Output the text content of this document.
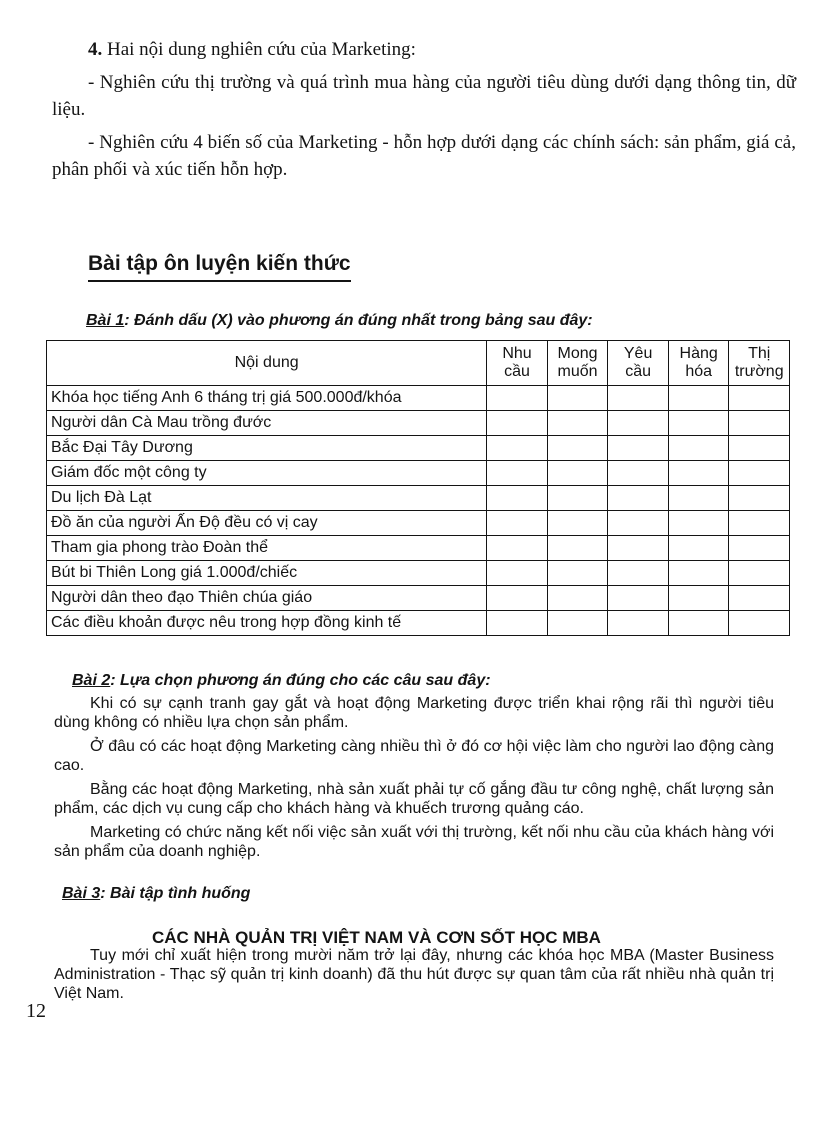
4. Hai nội dung nghiên cứu của Marketing:

- Nghiên cứu thị trường và quá trình mua hàng của người tiêu dùng dưới dạng thông tin, dữ liệu.

- Nghiên cứu 4 biến số của Marketing - hỗn hợp dưới dạng các chính sách: sản phẩm, giá cả, phân phối và xúc tiến hỗn hợp.

Bài tập ôn luyện kiến thức
Bài 1: Đánh dấu (X) vào phương án đúng nhất trong bảng sau đây:
Nội dung	Nhu cầu	Mong muốn	Yêu cầu	Hàng hóa	Thị trường
Khóa học tiếng Anh 6 tháng trị giá 500.000đ/khóa					
Người dân Cà Mau trồng đước					
Bắc Đại Tây Dương					
Giám đốc một công ty					
Du lịch Đà Lạt					
Đồ ăn của người Ấn Độ đều có vị cay					
Tham gia phong trào Đoàn thể					
Bút bi Thiên Long giá 1.000đ/chiếc					
Người dân theo đạo Thiên chúa giáo					
Các điều khoản được nêu trong hợp đồng kinh tế					
Bài 2: Lựa chọn phương án đúng cho các câu sau đây:

Khi có sự cạnh tranh gay gắt và hoạt động Marketing được triển khai rộng rãi thì người tiêu dùng không có nhiều lựa chọn sản phẩm.

Ở đâu có các hoạt động Marketing càng nhiều thì ở đó cơ hội việc làm cho người lao động càng cao.

Bằng các hoạt động Marketing, nhà sản xuất phải tự cố gắng đầu tư công nghệ, chất lượng sản phẩm, các dịch vụ cung cấp cho khách hàng và khuếch trương quảng cáo.

Marketing có chức năng kết nối việc sản xuất với thị trường, kết nối nhu cầu của khách hàng với sản phẩm của doanh nghiệp.

Bài 3: Bài tập tình huống
CÁC NHÀ QUẢN TRỊ VIỆT NAM VÀ CƠN SỐT HỌC MBA

Tuy mới chỉ xuất hiện trong mười năm trở lại đây, nhưng các khóa học MBA (Master Business Administration - Thạc sỹ quản trị kinh doanh) đã thu hút được sự quan tâm của rất nhiều nhà quản trị Việt Nam.

12
